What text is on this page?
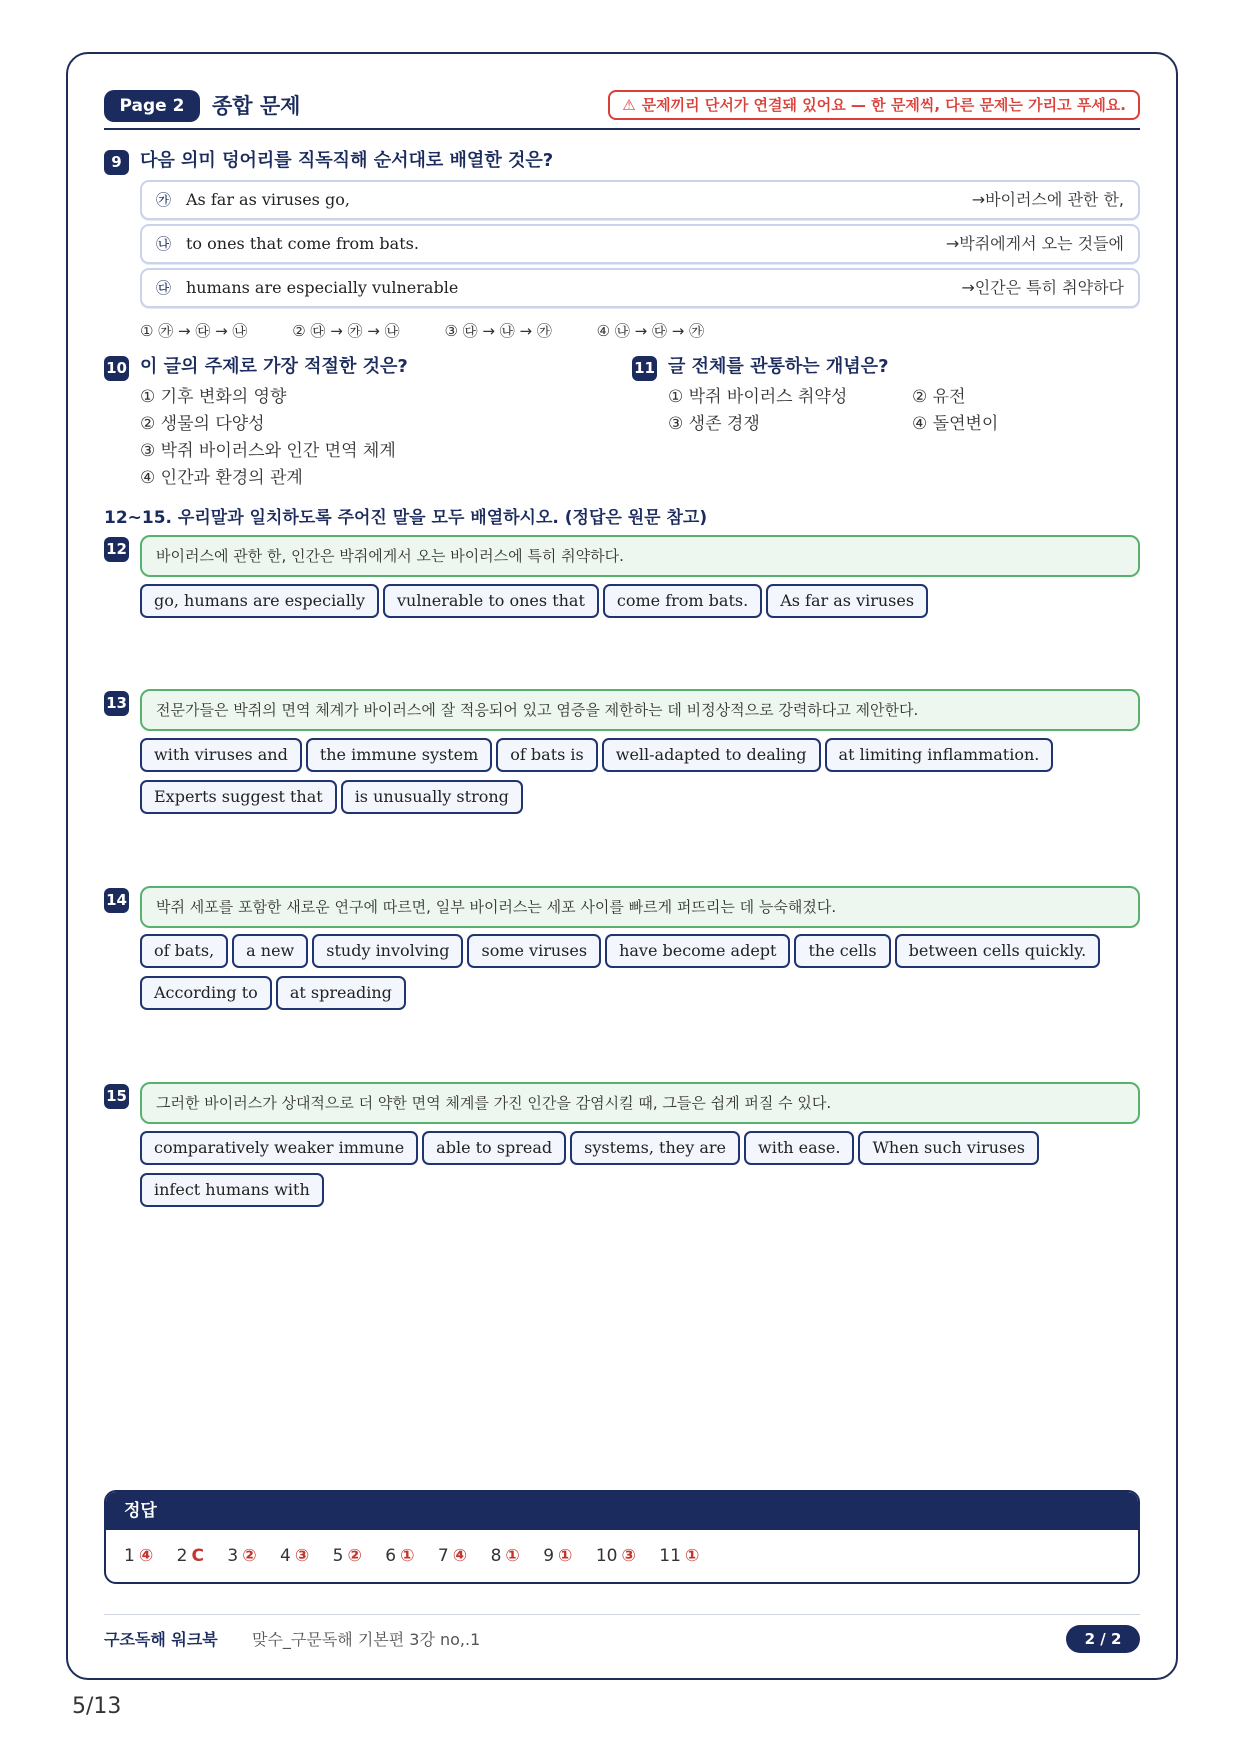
Page 2	종합 문제	⚠ 문제끼리 단서가 연결돼 있어요 — 한 문제씩, 다른 문제는 가리고 푸세요.
9	다음 의미 덩어리를 직독직해 순서대로 배열한 것은?
㉮ As far as viruses go,	→바이러스에 관한 한,
㉯ to ones that come from bats.	→박쥐에게서 오는 것들에
㉰ humans are especially vulnerable	→인간은 특히 취약하다
① ㉮ → ㉰ → ㉯	② ㉰ → ㉮ → ㉯	③ ㉰ → ㉯ → ㉮	④ ㉯ → ㉰ → ㉮
10 이 글의 주제로 가장 적절한 것은?
① 기후 변화의 영향
② 생물의 다양성
③ 박쥐 바이러스와 인간 면역 체계
④ 인간과 환경의 관계
11 글 전체를 관통하는 개념은?
① 박쥐 바이러스 취약성	② 유전
③ 생존 경쟁	④ 돌연변이
12~15. 우리말과 일치하도록 주어진 말을 모두 배열하시오. (정답은 원문 참고)
12	바이러스에 관한 한, 인간은 박쥐에게서 오는 바이러스에 특히 취약하다.
go, humans are especially vulnerable to ones that come from bats. As far as viruses
13	전문가들은 박쥐의 면역 체계가 바이러스에 잘 적응되어 있고 염증을 제한하는 데 비정상적으로 강력하다고 제안한다.
with viruses and the immune system of bats is well-adapted to dealing at limiting inflammation.
Experts suggest that is unusually strong
14	박쥐 세포를 포함한 새로운 연구에 따르면, 일부 바이러스는 세포 사이를 빠르게 퍼뜨리는 데 능숙해졌다.
of bats, a new study involving some viruses have become adept the cells between cells quickly.
According to at spreading
15	그러한 바이러스가 상대적으로 더 약한 면역 체계를 가진 인간을 감염시킬 때, 그들은 쉽게 퍼질 수 있다.
comparatively weaker immune able to spread systems, they are with ease. When such viruses
infect humans with
정답
1 ④ 2 C 3 ② 4 ③ 5 ② 6 ① 7 ④ 8 ① 9 ① 10 ③ 11 ①
구조독해 워크북 맞수_구문독해 기본편 3강 no,.1	2 / 2
5/13
